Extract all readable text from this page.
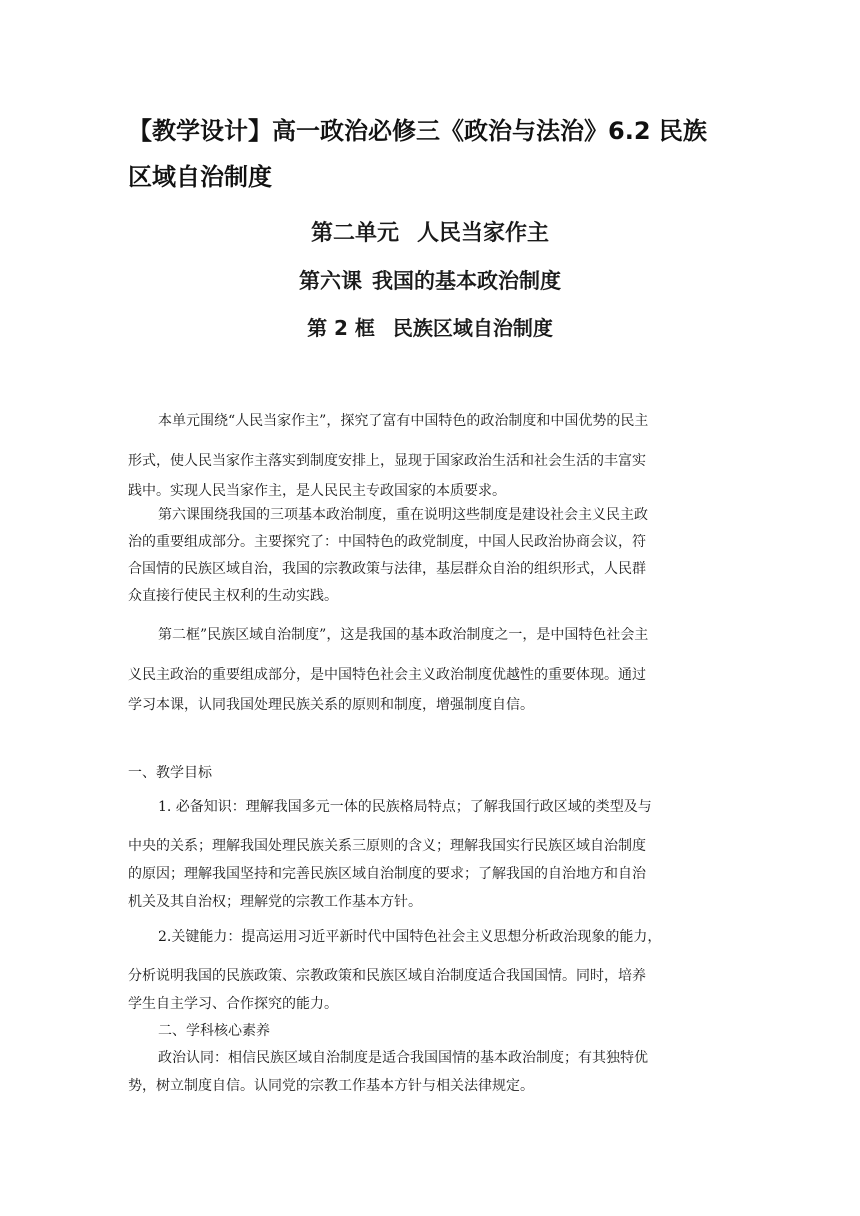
【教学设计】高一政治必修三《政治与法治》6.2 民族
区域自治制度
第二单元 人民当家作主
第六课 我国的基本政治制度
第 2 框 民族区域自治制度
本单元围绕“人民当家作主”，探究了富有中国特色的政治制度和中国优势的民主
形式，使人民当家作主落实到制度安排上，显现于国家政治生活和社会生活的丰富实
践中。实现人民当家作主，是人民民主专政国家的本质要求。
第六课围绕我国的三项基本政治制度，重在说明这些制度是建设社会主义民主政
治的重要组成部分。主要探究了：中国特色的政党制度，中国人民政治协商会议，符
合国情的民族区域自治，我国的宗教政策与法律，基层群众自治的组织形式，人民群
众直接行使民主权利的生动实践。
第二框”民族区域自治制度”，这是我国的基本政治制度之一，是中国特色社会主
义民主政治的重要组成部分，是中国特色社会主义政治制度优越性的重要体现。通过
学习本课，认同我国处理民族关系的原则和制度，增强制度自信。
一、教学目标
1. 必备知识：理解我国多元一体的民族格局特点；了解我国行政区域的类型及与
中央的关系；理解我国处理民族关系三原则的含义；理解我国实行民族区域自治制度
的原因；理解我国坚持和完善民族区域自治制度的要求；了解我国的自治地方和自治
机关及其自治权；理解党的宗教工作基本方针。
2.关键能力：提高运用习近平新时代中国特色社会主义思想分析政治现象的能力，
分析说明我国的民族政策、宗教政策和民族区域自治制度适合我国国情。同时，培养
学生自主学习、合作探究的能力。
二、学科核心素养
政治认同：相信民族区域自治制度是适合我国国情的基本政治制度；有其独特优
势，树立制度自信。认同党的宗教工作基本方针与相关法律规定。
